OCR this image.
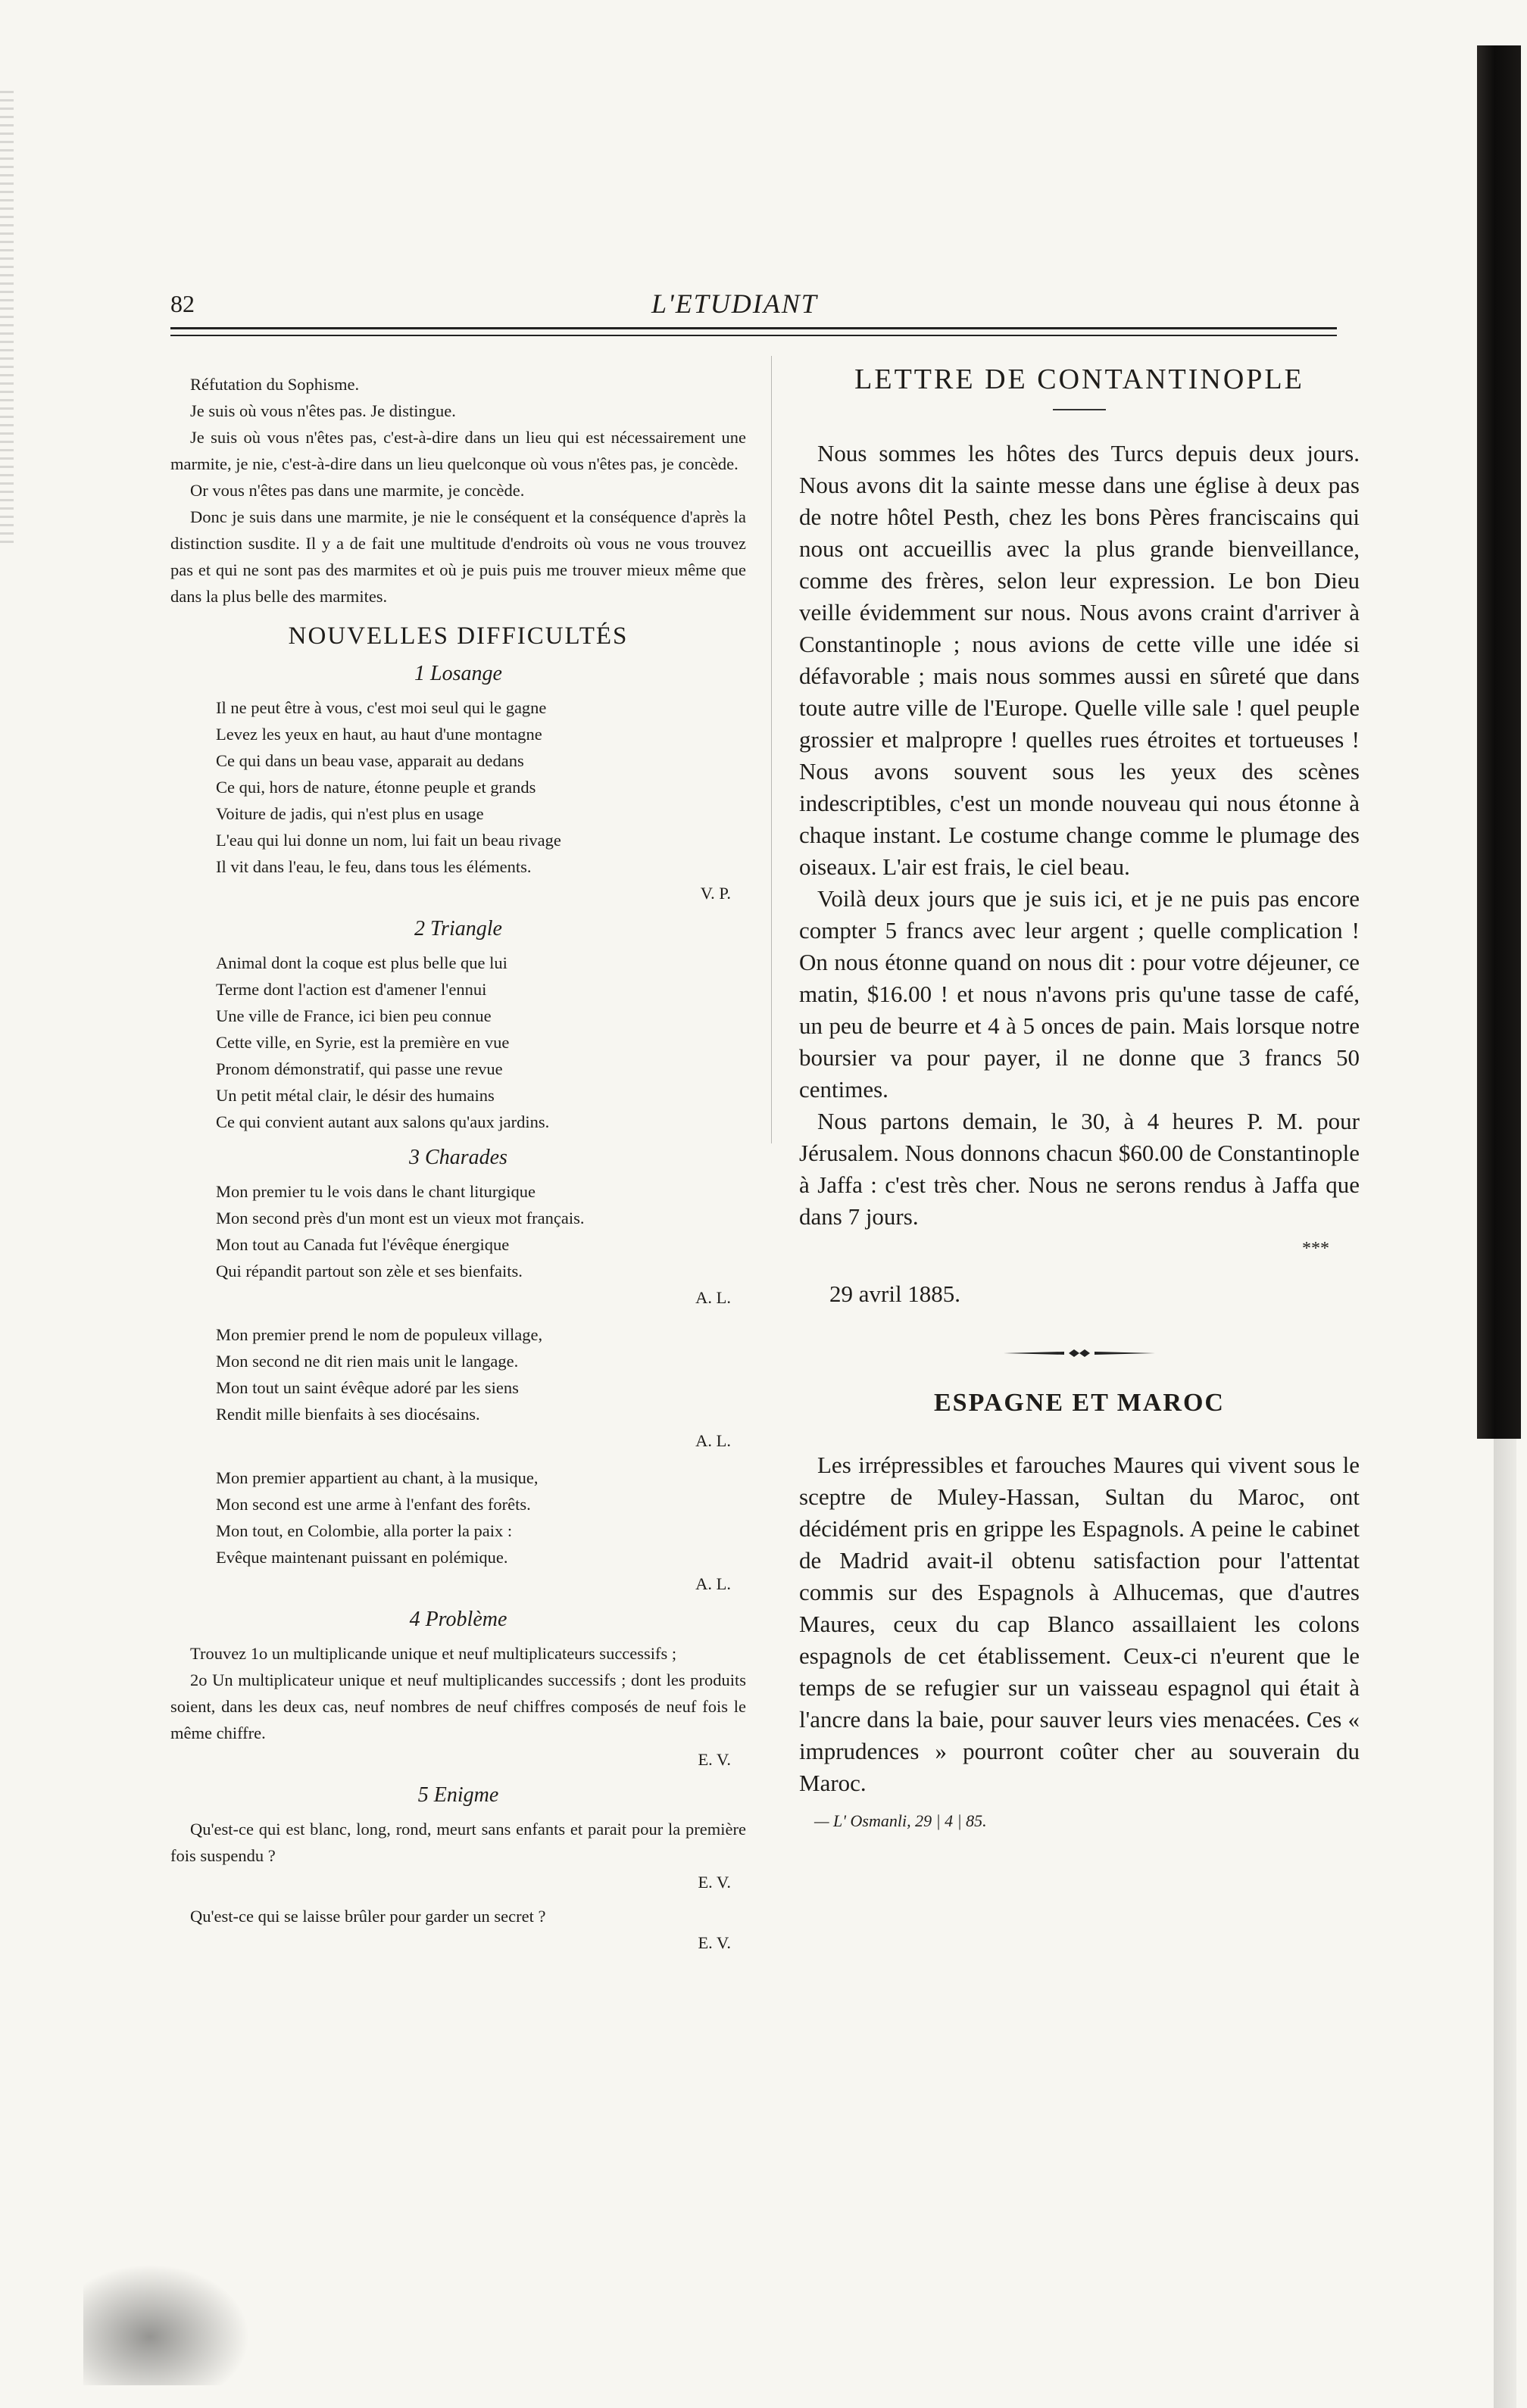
82	L'ETUDIANT

Réfutation du Sophisme.

Je suis où vous n'êtes pas. Je distingue.

Je suis où vous n'êtes pas, c'est-à-dire dans un lieu qui est nécessairement une marmite, je nie, c'est-à-dire dans un lieu quelconque où vous n'êtes pas, je concède.

Or vous n'êtes pas dans une marmite, je concède.

Donc je suis dans une marmite, je nie le conséquent et la conséquence d'après la distinction susdite. Il y a de fait une multitude d'endroits où vous ne vous trouvez pas et qui ne sont pas des marmites et où je puis puis me trouver mieux même que dans la plus belle des marmites.

NOUVELLES DIFFICULTÉS
1 Losange

Il ne peut être à vous, c'est moi seul qui le gagne

Levez les yeux en haut, au haut d'une montagne

Ce qui dans un beau vase, apparait au dedans

Ce qui, hors de nature, étonne peuple et grands

Voiture de jadis, qui n'est plus en usage

L'eau qui lui donne un nom, lui fait un beau rivage

Il vit dans l'eau, le feu, dans tous les éléments.

V. P.

2 Triangle

Animal dont la coque est plus belle que lui

Terme dont l'action est d'amener l'ennui

Une ville de France, ici bien peu connue

Cette ville, en Syrie, est la première en vue

Pronom démonstratif, qui passe une revue

Un petit métal clair, le désir des humains

Ce qui convient autant aux salons qu'aux jardins.

3 Charades

Mon premier tu le vois dans le chant liturgique

Mon second près d'un mont est un vieux mot français.

Mon tout au Canada fut l'évêque énergique

Qui répandit partout son zèle et ses bienfaits.

A. L.

Mon premier prend le nom de populeux village,

Mon second ne dit rien mais unit le langage.

Mon tout un saint évêque adoré par les siens

Rendit mille bienfaits à ses diocésains.

A. L.

Mon premier appartient au chant, à la musique,

Mon second est une arme à l'enfant des forêts.

Mon tout, en Colombie, alla porter la paix :

Evêque maintenant puissant en polémique.

A. L.

4 Problème

Trouvez 1o un multiplicande unique et neuf multiplicateurs successifs ;

2o Un multiplicateur unique et neuf multiplicandes successifs ; dont les produits soient, dans les deux cas, neuf nombres de neuf chiffres composés de neuf fois le même chiffre.

E. V.

5 Enigme

Qu'est-ce qui est blanc, long, rond, meurt sans enfants et parait pour la première fois suspendu ?

E. V.

Qu'est-ce qui se laisse brûler pour garder un secret ?

E. V.

LETTRE DE CONTANTINOPLE

Nous sommes les hôtes des Turcs depuis deux jours. Nous avons dit la sainte messe dans une église à deux pas de notre hôtel Pesth, chez les bons Pères franciscains qui nous ont accueillis avec la plus grande bienveillance, comme des frères, selon leur expression. Le bon Dieu veille évidemment sur nous. Nous avons craint d'arriver à Constantinople ; nous avions de cette ville une idée si défavorable ; mais nous sommes aussi en sûreté que dans toute autre ville de l'Europe. Quelle ville sale ! quel peuple grossier et malpropre ! quelles rues étroites et tortueuses ! Nous avons souvent sous les yeux des scènes indescriptibles, c'est un monde nouveau qui nous étonne à chaque instant. Le costume change comme le plumage des oiseaux. L'air est frais, le ciel beau.

Voilà deux jours que je suis ici, et je ne puis pas encore compter 5 francs avec leur argent ; quelle complication ! On nous étonne quand on nous dit : pour votre déjeuner, ce matin, $16.00 ! et nous n'avons pris qu'une tasse de café, un peu de beurre et 4 à 5 onces de pain. Mais lorsque notre boursier va pour payer, il ne donne que 3 francs 50 centimes.

Nous partons demain, le 30, à 4 heures P. M. pour Jérusalem. Nous donnons chacun $60.00 de Constantinople à Jaffa : c'est très cher. Nous ne serons rendus à Jaffa que dans 7 jours.

***

29 avril 1885.

ESPAGNE ET MAROC

Les irrépressibles et farouches Maures qui vivent sous le sceptre de Muley-Hassan, Sultan du Maroc, ont décidément pris en grippe les Espagnols. A peine le cabinet de Madrid avait-il obtenu satisfaction pour l'attentat commis sur des Espagnols à Alhucemas, que d'autres Maures, ceux du cap Blanco assaillaient les colons espagnols de cet établissement. Ceux-ci n'eurent que le temps de se refugier sur un vaisseau espagnol qui était à l'ancre dans la baie, pour sauver leurs vies menacées. Ces « imprudences » pourront coûter cher au souverain du Maroc.

— L' Osmanli, 29 | 4 | 85.
